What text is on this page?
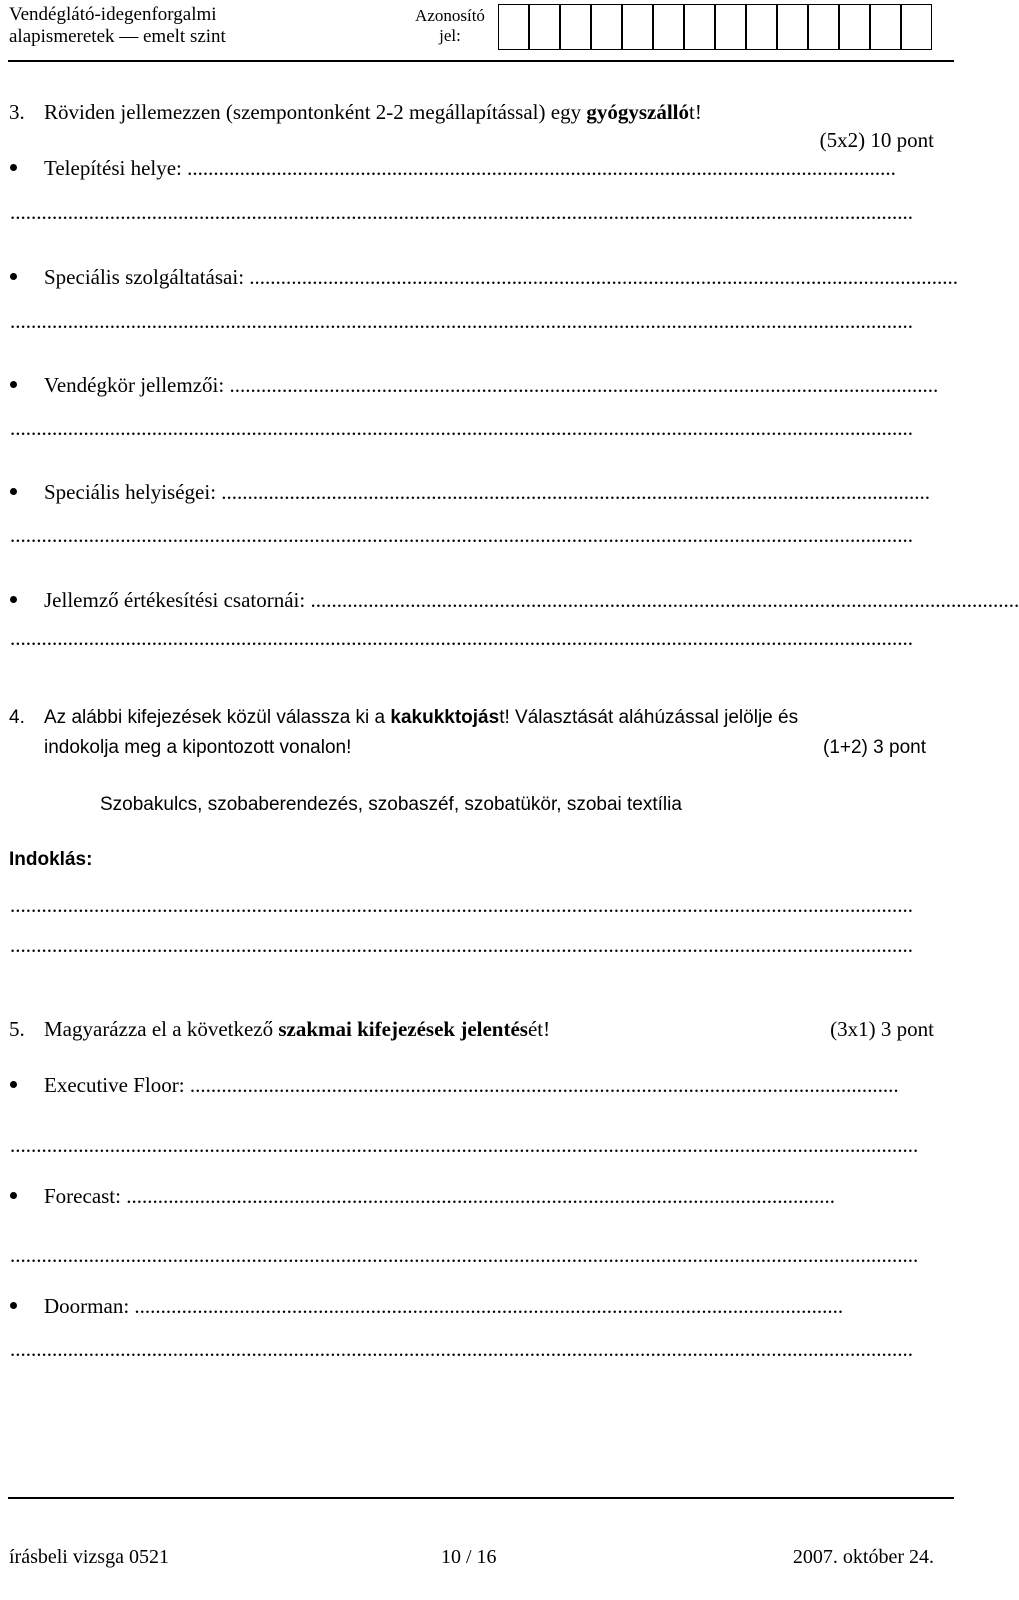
Vendéglátó-idegenforgalmi
alapismeretek — emelt szint
Azonosító
jel:
3. Röviden jellemezzen (szempontonként 2-2 megállapítással) egy gyógyszállót!
(5x2) 10 pont
Telepítési helye: .......................................................................................................................................
............................................................................................................................................................................
Speciális szolgáltatásai: .......................................................................................................................................
............................................................................................................................................................................
Vendégkör jellemzői: .......................................................................................................................................
............................................................................................................................................................................
Speciális helyiségei: .......................................................................................................................................
............................................................................................................................................................................
Jellemző értékesítési csatornái: .......................................................................................................................................
............................................................................................................................................................................
4. Az alábbi kifejezések közül válassza ki a kakukktojást! Választását aláhúzással jelölje és
indokolja meg a kipontozott vonalon!	(1+2) 3 pont
Szobakulcs, szobaberendezés, szobaszéf, szobatükör, szobai textília
Indoklás:
............................................................................................................................................................................
............................................................................................................................................................................
5. Magyarázza el a következő szakmai kifejezések jelentését!	(3x1) 3 pont
Executive Floor: .......................................................................................................................................
.............................................................................................................................................................................
Forecast: .......................................................................................................................................
.............................................................................................................................................................................
Doorman: .......................................................................................................................................
............................................................................................................................................................................
írásbeli vizsga 0521	10 / 16	2007. október 24.
